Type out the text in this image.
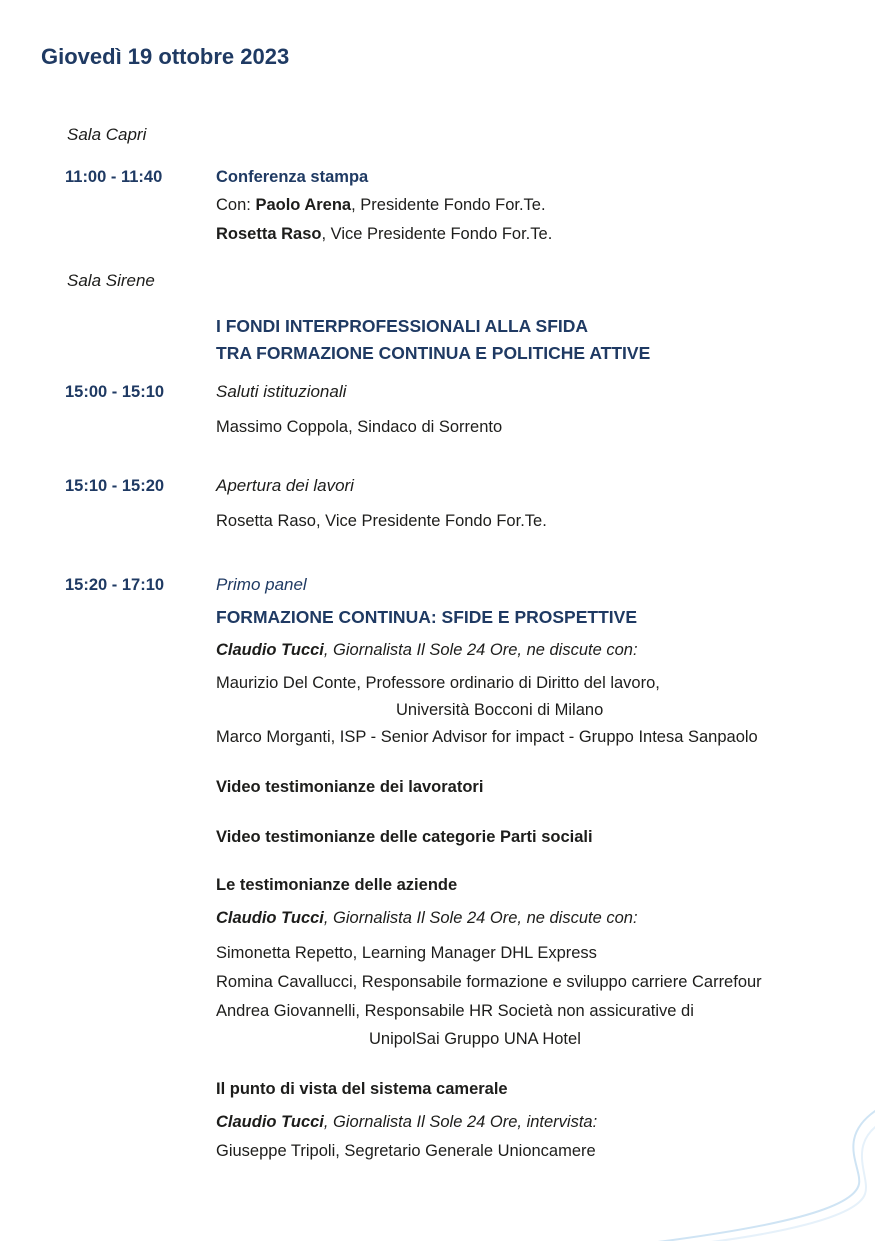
Giovedì 19 ottobre 2023
Sala Capri
11:00 - 11:40	Conferenza stampa
Con: Paolo Arena, Presidente Fondo For.Te.
Rosetta Raso, Vice Presidente Fondo For.Te.
Sala Sirene
I FONDI INTERPROFESSIONALI ALLA SFIDA
TRA FORMAZIONE CONTINUA E POLITICHE ATTIVE
15:00 - 15:10	Saluti istituzionali
Massimo Coppola, Sindaco di Sorrento
15:10 - 15:20	Apertura dei lavori
Rosetta Raso, Vice Presidente Fondo For.Te.
15:20 - 17:10	Primo panel
FORMAZIONE CONTINUA: SFIDE E PROSPETTIVE
Claudio Tucci, Giornalista Il Sole 24 Ore, ne discute con:
Maurizio Del Conte, Professore ordinario di Diritto del lavoro,
Università Bocconi di Milano
Marco Morganti, ISP - Senior Advisor for impact - Gruppo Intesa Sanpaolo
Video testimonianze dei lavoratori
Video testimonianze delle categorie Parti sociali
Le testimonianze delle aziende
Claudio Tucci, Giornalista Il Sole 24 Ore, ne discute con:
Simonetta Repetto, Learning Manager DHL Express
Romina Cavallucci, Responsabile formazione e sviluppo carriere Carrefour
Andrea Giovannelli, Responsabile HR Società non assicurative di
UnipolSai Gruppo UNA Hotel
Il punto di vista del sistema camerale
Claudio Tucci, Giornalista Il Sole 24 Ore, intervista:
Giuseppe Tripoli, Segretario Generale Unioncamere
